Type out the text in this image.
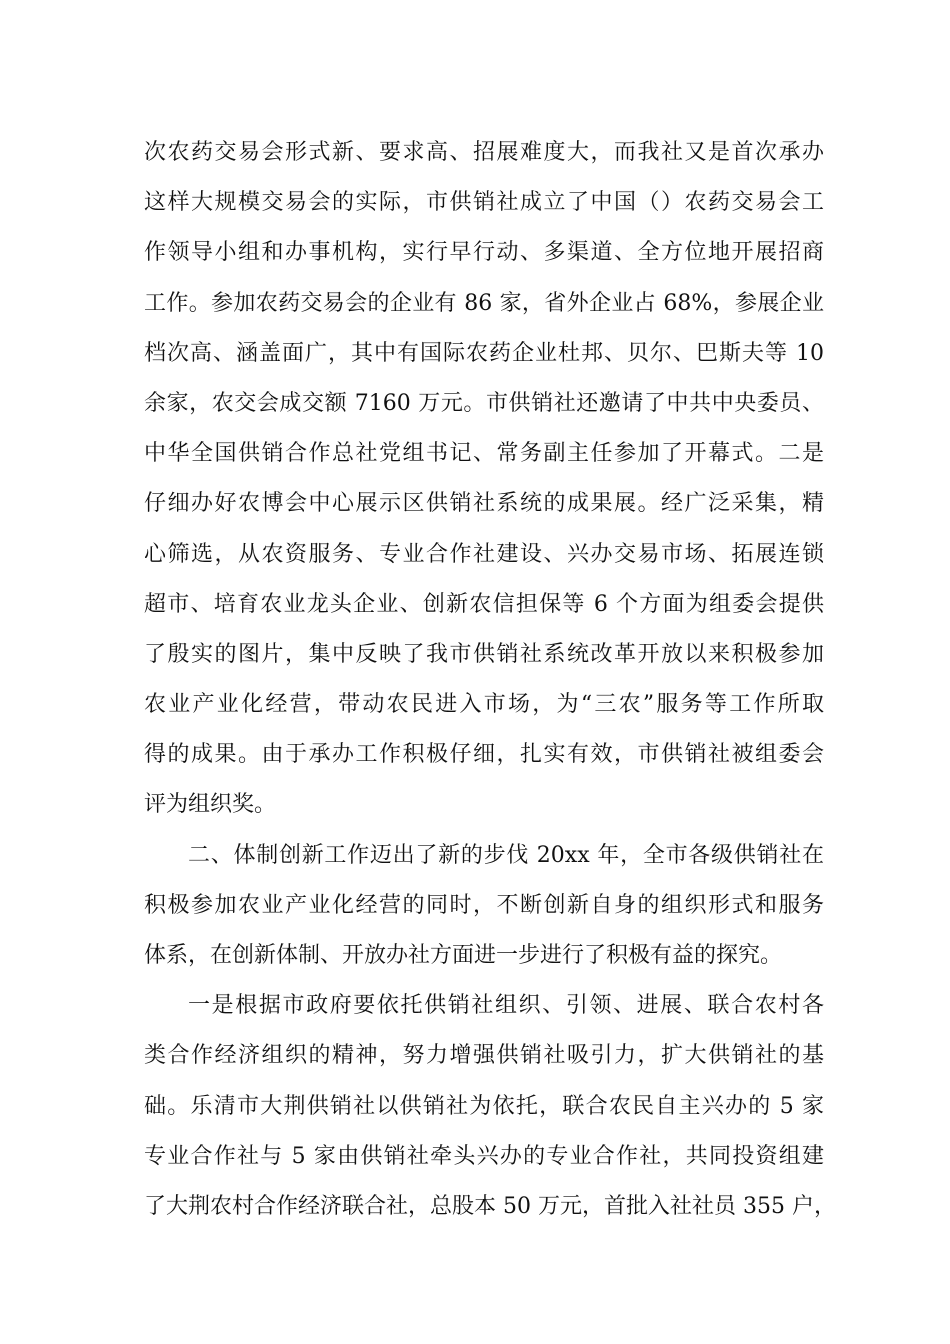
次农药交易会形式新、要求高、招展难度大，而我社又是首次承办
这样大规模交易会的实际，市供销社成立了中国（）农药交易会工
作领导小组和办事机构，实行早行动、多渠道、全方位地开展招商
工作。参加农药交易会的企业有 86 家，省外企业占 68%，参展企业
档次高、涵盖面广，其中有国际农药企业杜邦、贝尔、巴斯夫等 10
余家，农交会成交额 7160 万元。市供销社还邀请了中共中央委员、
中华全国供销合作总社党组书记、常务副主任参加了开幕式。二是
仔细办好农博会中心展示区供销社系统的成果展。经广泛采集，精
心筛选，从农资服务、专业合作社建设、兴办交易市场、拓展连锁
超市、培育农业龙头企业、创新农信担保等 6 个方面为组委会提供
了殷实的图片，集中反映了我市供销社系统改革开放以来积极参加
农业产业化经营，带动农民进入市场，为“三农”服务等工作所取
得的成果。由于承办工作积极仔细，扎实有效，市供销社被组委会
评为组织奖。
二、体制创新工作迈出了新的步伐 20xx 年，全市各级供销社在
积极参加农业产业化经营的同时，不断创新自身的组织形式和服务
体系，在创新体制、开放办社方面进一步进行了积极有益的探究。
一是根据市政府要依托供销社组织、引领、进展、联合农村各
类合作经济组织的精神，努力增强供销社吸引力，扩大供销社的基
础。乐清市大荆供销社以供销社为依托，联合农民自主兴办的 5 家
专业合作社与 5 家由供销社牵头兴办的专业合作社，共同投资组建
了大荆农村合作经济联合社，总股本 50 万元，首批入社社员 355 户，
